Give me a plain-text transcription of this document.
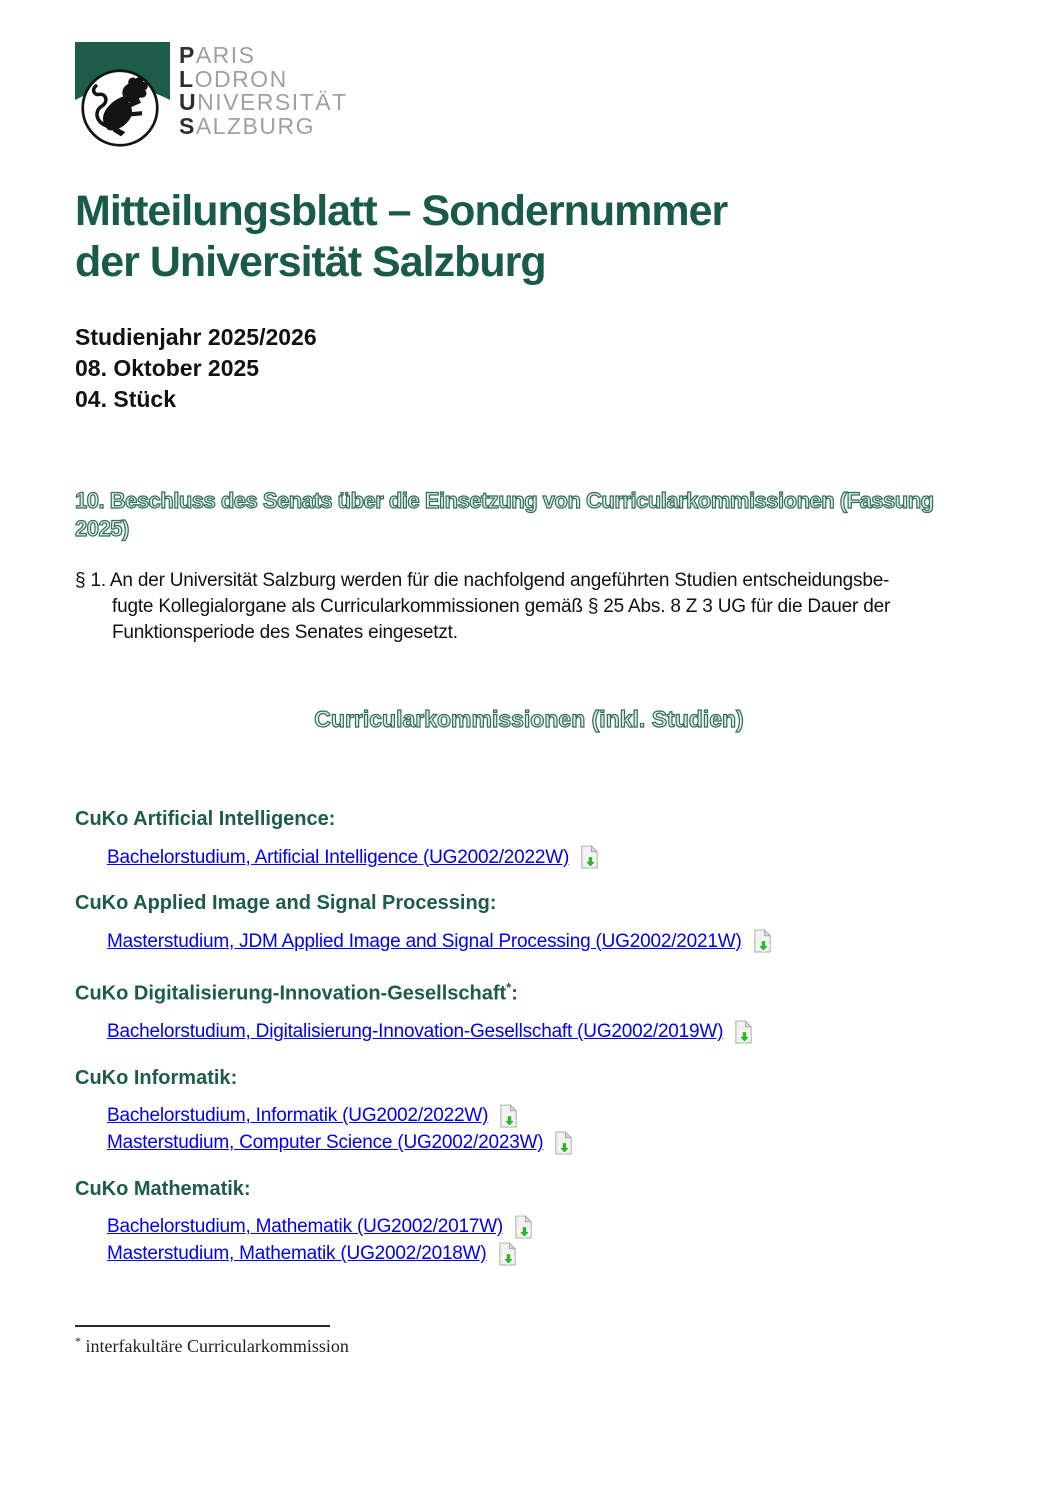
PARIS
LODRON
UNIVERSITÄT
SALZBURG
Mitteilungsblatt – Sondernummer
der Universität Salzburg
Studienjahr 2025/2026
08. Oktober 2025
04. Stück
10. Beschluss des Senats über die Einsetzung von Curricularkommissionen (Fassung 2025)
§ 1. An der Universität Salzburg werden für die nachfolgend angeführten Studien entscheidungsbe-
fugte Kollegialorgane als Curricularkommissionen gemäß § 25 Abs. 8 Z 3 UG für die Dauer der
Funktionsperiode des Senates eingesetzt.
Curricularkommissionen (inkl. Studien)
CuKo Artificial Intelligence:
Bachelorstudium, Artificial Intelligence (UG2002/2022W)
CuKo Applied Image and Signal Processing:
Masterstudium, JDM Applied Image and Signal Processing (UG2002/2021W)
CuKo Digitalisierung-Innovation-Gesellschaft*:
Bachelorstudium, Digitalisierung-Innovation-Gesellschaft (UG2002/2019W)
CuKo Informatik:
Bachelorstudium, Informatik (UG2002/2022W)
Masterstudium, Computer Science (UG2002/2023W)
CuKo Mathematik:
Bachelorstudium, Mathematik (UG2002/2017W)
Masterstudium, Mathematik (UG2002/2018W)
* interfakultäre Curricularkommission
